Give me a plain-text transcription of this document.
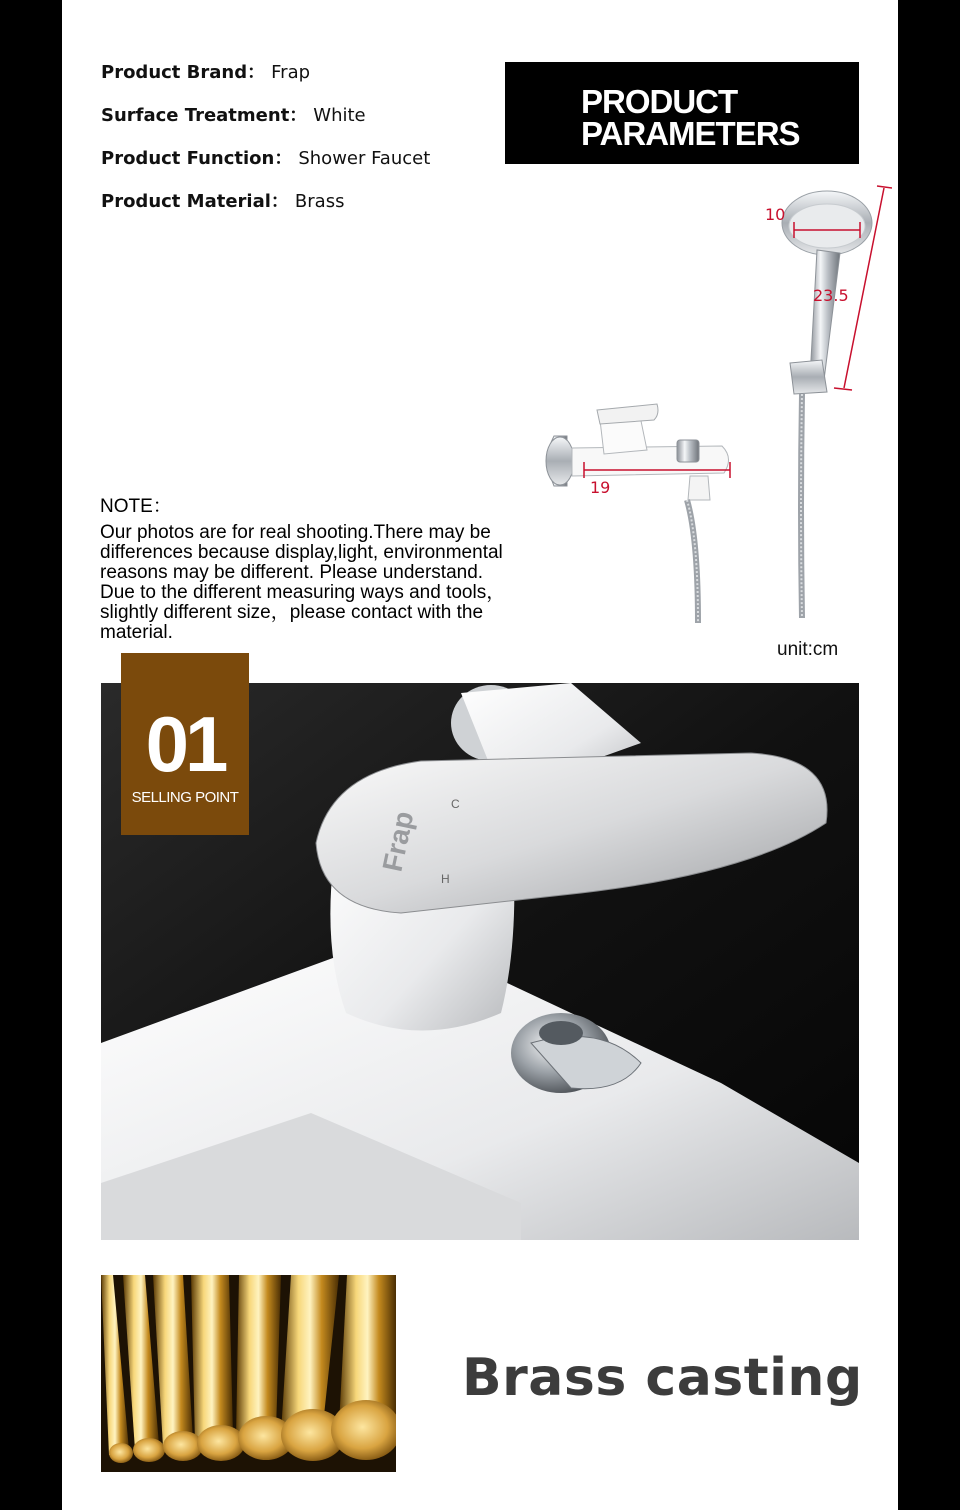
Product Brand： Frap
Surface Treatment： White
Product Function： Shower Faucet
Product Material： Brass
PRODUCT
PARAMETERS
10
23.5
19
NOTE：
Our photos are for real shooting.There may be
differences because display,light, environmental
reasons may be different. Please understand.
Due to the different measuring ways and tools，
slightly different size，please contact with the
material.
unit:cm
01
SELLING POINT
Frap
C
H
Brass casting
